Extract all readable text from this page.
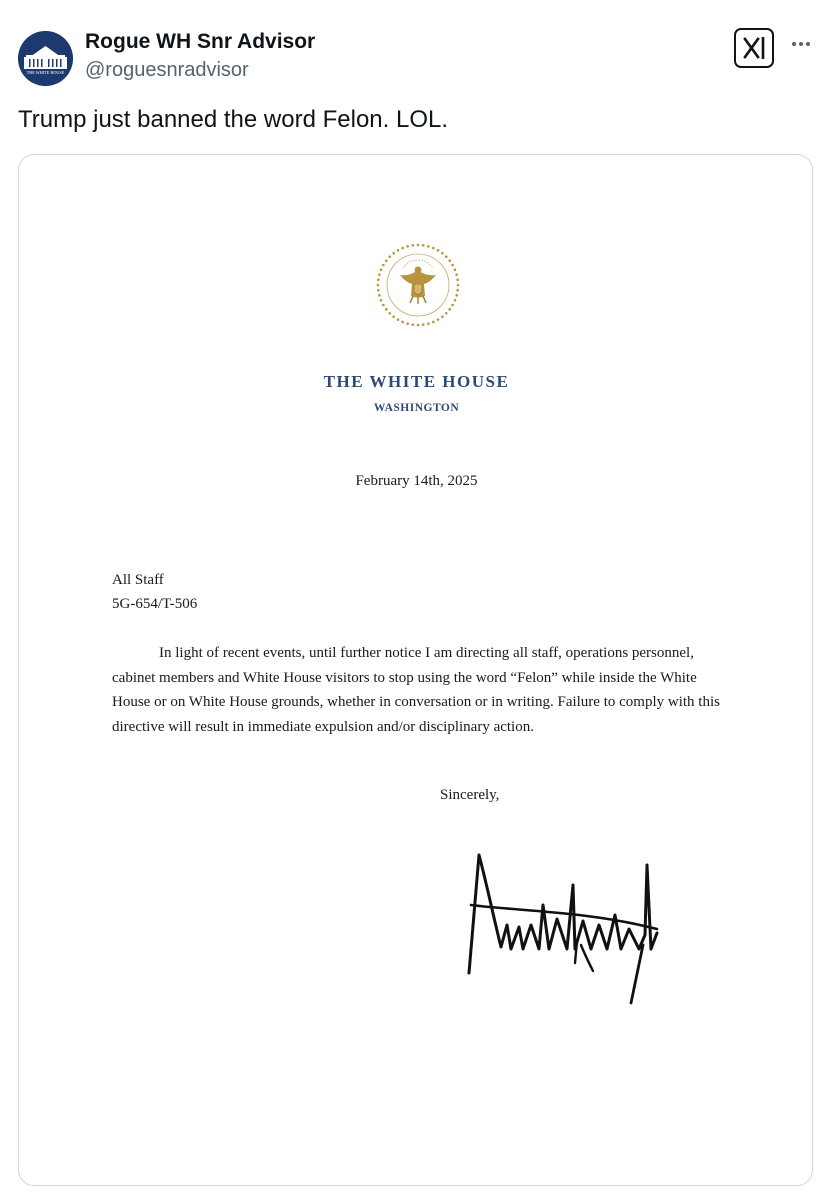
THE WHITE HOUSE
Rogue WH Snr Advisor
@roguesnradvisor
Trump just banned the word Felon. LOL.
THE WHITE HOUSE
WASHINGTON
February 14th, 2025
All Staff
5G-654/T-506
In light of recent events, until further notice I am directing all staff, operations personnel, cabinet members and White House visitors to stop using the word “Felon” while inside the White House or on White House grounds, whether in conversation or in writing. Failure to comply with this directive will result in immediate expulsion and/or disciplinary action.
Sincerely,
